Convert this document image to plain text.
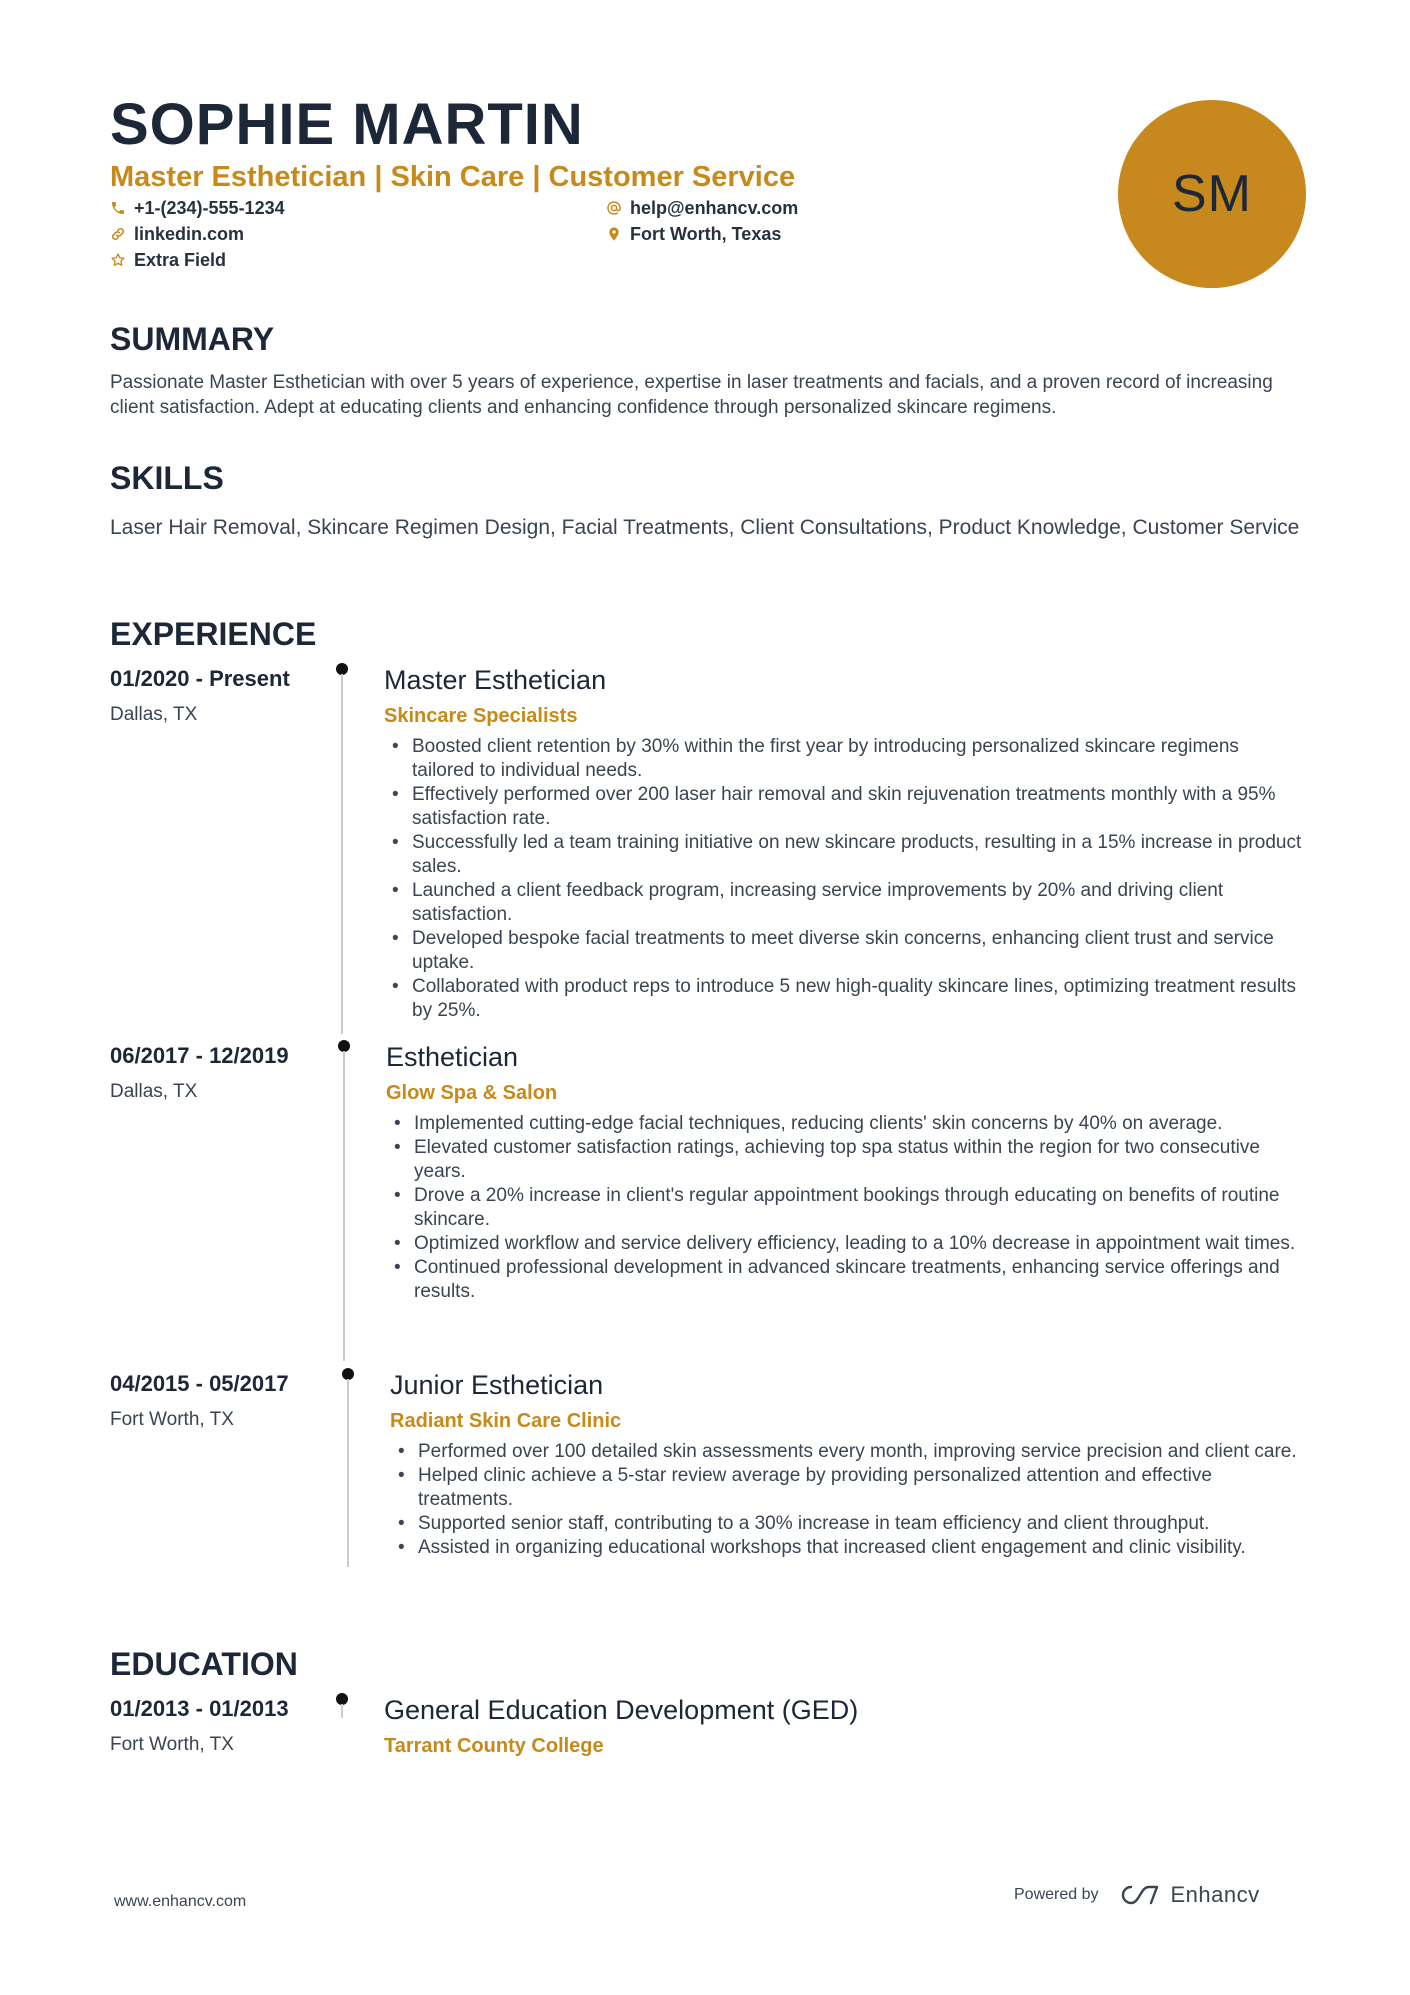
SOPHIE MARTIN
Master Esthetician | Skin Care | Customer Service
+1-(234)-555-1234	help@enhancv.com
linkedin.com	Fort Worth, Texas
Extra Field
SM
SUMMARY
Passionate Master Esthetician with over 5 years of experience, expertise in laser treatments and facials, and a proven record of increasing client satisfaction. Adept at educating clients and enhancing confidence through personalized skincare regimens.
SKILLS
Laser Hair Removal, Skincare Regimen Design, Facial Treatments, Client Consultations, Product Knowledge, Customer Service
EXPERIENCE
01/2020 - Present
Dallas, TX
Master Esthetician
Skincare Specialists
• Boosted client retention by 30% within the first year by introducing personalized skincare regimens tailored to individual needs.
• Effectively performed over 200 laser hair removal and skin rejuvenation treatments monthly with a 95% satisfaction rate.
• Successfully led a team training initiative on new skincare products, resulting in a 15% increase in product sales.
• Launched a client feedback program, increasing service improvements by 20% and driving client satisfaction.
• Developed bespoke facial treatments to meet diverse skin concerns, enhancing client trust and service uptake.
• Collaborated with product reps to introduce 5 new high-quality skincare lines, optimizing treatment results by 25%.
06/2017 - 12/2019
Dallas, TX
Esthetician
Glow Spa & Salon
• Implemented cutting-edge facial techniques, reducing clients' skin concerns by 40% on average.
• Elevated customer satisfaction ratings, achieving top spa status within the region for two consecutive years.
• Drove a 20% increase in client's regular appointment bookings through educating on benefits of routine skincare.
• Optimized workflow and service delivery efficiency, leading to a 10% decrease in appointment wait times.
• Continued professional development in advanced skincare treatments, enhancing service offerings and results.
04/2015 - 05/2017
Fort Worth, TX
Junior Esthetician
Radiant Skin Care Clinic
• Performed over 100 detailed skin assessments every month, improving service precision and client care.
• Helped clinic achieve a 5-star review average by providing personalized attention and effective treatments.
• Supported senior staff, contributing to a 30% increase in team efficiency and client throughput.
• Assisted in organizing educational workshops that increased client engagement and clinic visibility.
EDUCATION
01/2013 - 01/2013
Fort Worth, TX
General Education Development (GED)
Tarrant County College
www.enhancv.com	Powered by	Enhancv
